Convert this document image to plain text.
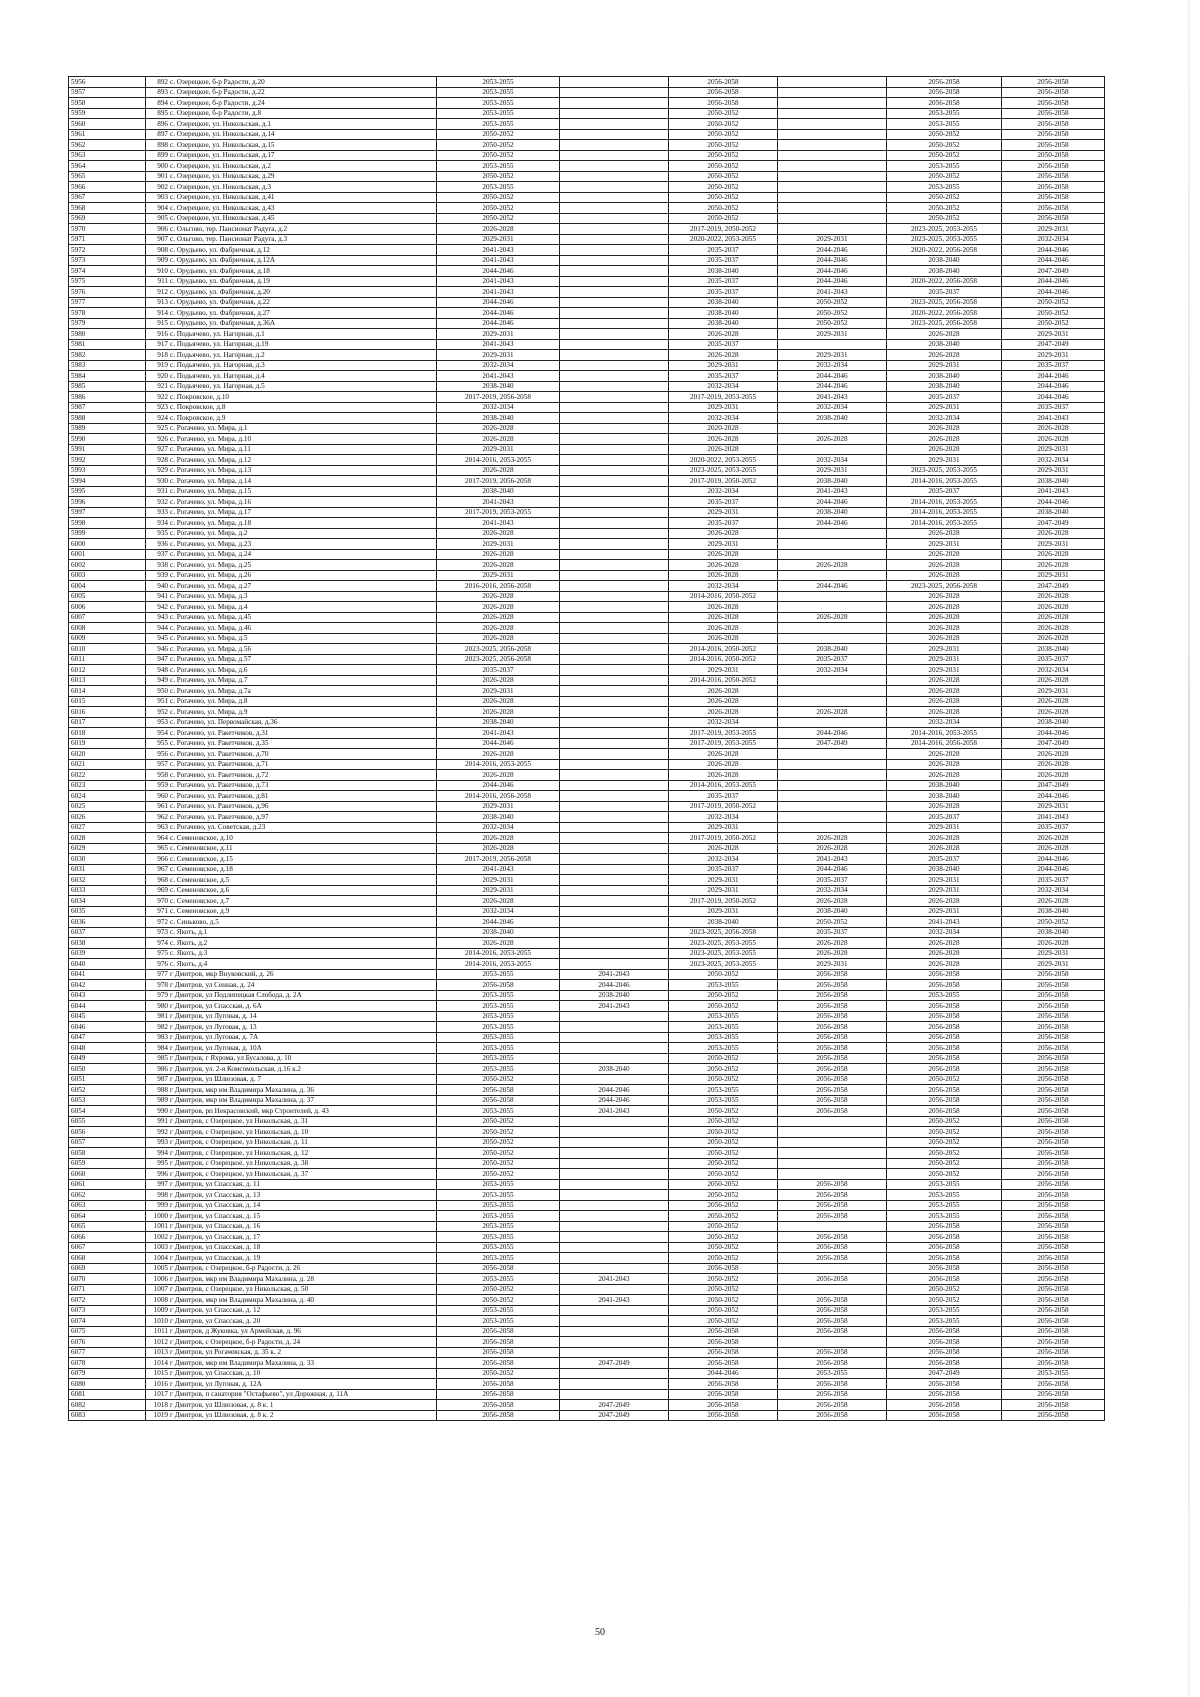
5956	892	с. Озерецкое, б-р Радости, д.20	2053-2055		2056-2058		2056-2058	2056-2058
5957	893	с. Озерецкое, б-р Радости, д.22	2053-2055		2056-2058		2056-2058	2056-2058
5958	894	с. Озерецкое, б-р Радости, д.24	2053-2055		2056-2058		2056-2058	2056-2058
5959	895	с. Озерецкое, б-р Радости, д.8	2053-2055		2050-2052		2053-2055	2056-2058
5960	896	с. Озерецкое, ул. Никольская, д.1	2053-2055		2050-2052		2053-2055	2056-2058
5961	897	с. Озерецкое, ул. Никольская, д.14	2050-2052		2050-2052		2050-2052	2056-2058
5962	898	с. Озерецкое, ул. Никольская, д.15	2050-2052		2050-2052		2050-2052	2056-2058
5963	899	с. Озерецкое, ул. Никольская, д.17	2050-2052		2050-2052		2050-2052	2050-2058
5964	900	с. Озерецкое, ул. Никольская, д.2	2053-2055		2050-2052		2053-2055	2056-2058
5965	901	с. Озерецкое, ул. Никольская, д.29	2050-2052		2050-2052		2050-2052	2056-2058
5966	902	с. Озерецкое, ул. Никольская, д.3	2053-2055		2050-2052		2053-2055	2056-2058
5967	903	с. Озерецкое, ул. Никольская, д.41	2050-2052		2050-2052		2050-2052	2056-2058
5968	904	с. Озерецкое, ул. Никольская, д.43	2050-2052		2050-2052		2050-2052	2056-2058
5969	905	с. Озерецкое, ул. Никольская, д.45	2050-2052		2050-2052		2050-2052	2056-2058
5970	906	с. Ольгово, тер. Пансионат Радуга, д.2	2026-2028		2017-2019, 2050-2052		2023-2025, 2053-2055	2029-2031
5971	907	с. Ольгово, тер. Пансионат Радуга, д.3	2029-2031		2020-2022, 2053-2055	2029-2031	2023-2025, 2053-2055	2032-2034
5972	908	с. Орудьево, ул. Фабричная, д.12	2041-2043		2035-2037	2044-2046	2020-2022, 2056-2058	2044-2046
5973	909	с. Орудьево, ул. Фабричная, д.12А	2041-2043		2035-2037	2044-2046	2038-2040	2044-2046
5974	910	с. Орудьево, ул. Фабричная, д.18	2044-2046		2038-2040	2044-2046	2038-2040	2047-2049
5975	911	с. Орудьево, ул. Фабричная, д.19	2041-2043		2035-2037	2044-2046	2020-2022, 2056-2058	2044-2046
5976	912	с. Орудьево, ул. Фабричная, д.20	2041-2043		2035-2037	2041-2043	2035-2037	2044-2046
5977	913	с. Орудьево, ул. Фабричная, д.22	2044-2046		2038-2040	2050-2052	2023-2025, 2056-2058	2050-2052
5978	914	с. Орудьево, ул. Фабричная, д.27	2044-2046		2038-2040	2050-2052	2020-2022, 2056-2058	2050-2052
5979	915	с. Орудьево, ул. Фабричная, д.36А	2044-2046		2038-2040	2050-2052	2023-2025, 2056-2058	2050-2052
5980	916	с. Подьячево, ул. Нагорная, д.1	2029-2031		2026-2028	2029-2031	2026-2028	2029-2031
5981	917	с. Подьячево, ул. Нагорная, д.19	2041-2043		2035-2037		2038-2040	2047-2049
5982	918	с. Подьячево, ул. Нагорная, д.2	2029-2031		2026-2028	2029-2031	2026-2028	2029-2031
5983	919	с. Подьячево, ул. Нагорная, д.3	2032-2034		2029-2031	2032-2034	2029-2031	2035-2037
5984	920	с. Подьячево, ул. Нагорная, д.4	2041-2043		2035-2037	2044-2046	2038-2040	2044-2046
5985	921	с. Подьячево, ул. Нагорная, д.5	2038-2040		2032-2034	2044-2046	2038-2040	2044-2046
5986	922	с. Покровское, д.10	2017-2019, 2056-2058		2017-2019, 2053-2055	2041-2043	2035-2037	2044-2046
5987	923	с. Покровское, д.8	2032-2034		2029-2031	2032-2034	2029-2031	2035-2037
5988	924	с. Покровское, д.9	2038-2040		2032-2034	2038-2040	2032-2034	2041-2043
5989	925	с. Рогачево, ул. Мира, д.1	2026-2028		2020-2028		2026-2028	2026-2028
5990	926	с. Рогачево, ул. Мира, д.10	2026-2028		2026-2028	2026-2028	2026-2028	2026-2028
5991	927	с. Рогачево, ул. Мира, д.11	2029-2031		2026-2028		2026-2028	2029-2031
5992	928	с. Рогачево, ул. Мира, д.12	2014-2016, 2053-2055		2020-2022, 2053-2055	2032-2034	2029-2031	2032-2034
5993	929	с. Рогачево, ул. Мира, д.13	2026-2028		2023-2025, 2053-2055	2029-2031	2023-2025, 2053-2055	2029-2031
5994	930	с. Рогачево, ул. Мира, д.14	2017-2019, 2056-2058		2017-2019, 2050-2052	2038-2040	2014-2016, 2053-2055	2038-2040
5995	931	с. Рогачево, ул. Мира, д.15	2038-2040		2032-2034	2041-2043	2035-2037	2041-2043
5996	932	с. Рогачево, ул. Мира, д.16	2041-2043		2035-2037	2044-2046	2014-2016, 2053-2055	2044-2046
5997	933	с. Рогачево, ул. Мира, д.17	2017-2019, 2053-2055		2029-2031	2038-2040	2014-2016, 2053-2055	2038-2040
5998	934	с. Рогачево, ул. Мира, д.18	2041-2043		2035-2037	2044-2046	2014-2016, 2053-2055	2047-2049
5999	935	с. Рогачево, ул. Мира, д.2	2026-2028		2026-2028		2026-2028	2026-2028
6000	936	с. Рогачево, ул. Мира, д.23	2029-2031		2029-2031		2029-2031	2029-2031
6001	937	с. Рогачево, ул. Мира, д.24	2026-2028		2026-2028		2026-2028	2026-2028
6002	938	с. Рогачево, ул. Мира, д.25	2026-2028		2026-2028	2026-2028	2026-2028	2026-2028
6003	939	с. Рогачево, ул. Мира, д.26	2029-2031		2026-2028		2026-2028	2029-2031
6004	940	с. Рогачево, ул. Мира, д.27	2016-2016, 2056-2058		2032-2034	2044-2046	2023-2025, 2056-2058	2047-2049
6005	941	с. Рогачево, ул. Мира, д.3	2026-2028		2014-2016, 2050-2052		2026-2028	2026-2028
6006	942	с. Рогачево, ул. Мира, д.4	2026-2028		2026-2028		2026-2028	2026-2028
6007	943	с. Рогачево, ул. Мира, д.45	2026-2028		2026-2028	2026-2028	2026-2028	2026-2028
6008	944	с. Рогачево, ул. Мира, д.46	2026-2028		2026-2028		2026-2028	2026-2028
6009	945	с. Рогачево, ул. Мира, д.5	2026-2028		2026-2028		2026-2028	2026-2028
6010	946	с. Рогачево, ул. Мира, д.56	2023-2025, 2056-2058		2014-2016, 2050-2052	2038-2040	2029-2031	2038-2040
6011	947	с. Рогачево, ул. Мира, д.57	2023-2025, 2056-2058		2014-2016, 2050-2052	2035-2037	2029-2031	2035-2037
6012	948	с. Рогачево, ул. Мира, д.6	2035-2037		2029-2031	2032-2034	2029-2031	2032-2034
6013	949	с. Рогачево, ул. Мира, д.7	2026-2028		2014-2016, 2050-2052		2026-2028	2026-2028
6014	950	с. Рогачево, ул. Мира, д.7а	2029-2031		2026-2028		2026-2028	2029-2031
6015	951	с. Рогачево, ул. Мира, д.8	2026-2028		2026-2028		2026-2028	2026-2028
6016	952	с. Рогачево, ул. Мира, д.9	2026-2028		2026-2028	2026-2028	2026-2028	2026-2028
6017	953	с. Рогачево, ул. Первомайская, д.36	2038-2040		2032-2034		2032-2034	2038-2040
6018	954	с. Рогачево, ул. Ракетчиков, д.31	2041-2043		2017-2019, 2053-2055	2044-2046	2014-2016, 2053-2055	2044-2046
6019	955	с. Рогачево, ул. Ракетчиков, д.35	2044-2046		2017-2019, 2053-2055	2047-2049	2014-2016, 2056-2058	2047-2049
6020	956	с. Рогачево, ул. Ракетчиков, д.70	2026-2028		2026-2028		2026-2028	2026-2028
6021	957	с. Рогачево, ул. Ракетчиков, д.71	2014-2016, 2053-2055		2026-2028		2026-2028	2026-2028
6022	958	с. Рогачево, ул. Ракетчиков, д.72	2026-2028		2026-2028		2026-2028	2026-2028
6023	959	с. Рогачево, ул. Ракетчиков, д.73	2044-2046		2014-2016, 2053-2055		2038-2040	2047-2049
6024	960	с. Рогачево, ул. Ракетчиков, д.81	2014-2016, 2056-2058		2035-2037		2038-2040	2044-2046
6025	961	с. Рогачево, ул. Ракетчиков, д.96	2029-2031		2017-2019, 2050-2052		2026-2028	2029-2031
6026	962	с. Рогачево, ул. Ракетчиков, д.97	2038-2040		2032-2034		2035-2037	2041-2043
6027	963	с. Рогачево, ул. Советская, д.23	2032-2034		2029-2031		2029-2031	2035-2037
6028	964	с. Семеновское, д.10	2026-2028		2017-2019, 2050-2052	2026-2028	2026-2028	2026-2028
6029	965	с. Семеновское, д.11	2026-2028		2026-2028	2026-2028	2026-2028	2026-2028
6030	966	с. Семеновское, д.15	2017-2019, 2056-2058		2032-2034	2041-2043	2035-2037	2044-2046
6031	967	с. Семеновское, д.18	2041-2043		2035-2037	2044-2046	2038-2040	2044-2046
6032	968	с. Семеновское, д.5	2029-2031		2029-2031	2035-2037	2029-2031	2035-2037
6033	969	с. Семеновское, д.6	2029-2031		2029-2031	2032-2034	2029-2031	2032-2034
6034	970	с. Семеновское, д.7	2026-2028		2017-2019, 2050-2052	2026-2028	2026-2028	2026-2028
6035	971	с. Семеновское, д.9	2032-2034		2029-2031	2038-2040	2029-2031	2038-2040
6036	972	с. Синьково, д.5	2044-2046		2038-2040	2050-2052	2041-2043	2050-2052
6037	973	с. Якоть, д.1	2038-2040		2023-2025, 2056-2058	2035-2037	2032-2034	2038-2040
6038	974	с. Якоть, д.2	2026-2028		2023-2025, 2053-2055	2026-2028	2026-2028	2026-2028
6039	975	с. Якоть, д.3	2014-2016, 2053-2055		2023-2025, 2053-2055	2026-2028	2026-2028	2029-2031
6040	976	с. Якоть, д.4	2014-2016, 2053-2055		2023-2025, 2053-2055	2029-2031	2026-2028	2029-2031
6041	977	г Дмитров, мкр Внуковский, д. 26	2053-2055	2041-2043	2050-2052	2056-2058	2056-2058	2056-2058
6042	978	г Дмитров, ул Сенная, д. 24	2056-2058	2044-2046	2053-2055	2056-2058	2056-2058	2056-2058
6043	979	г Дмитров, ул Подлипецкая Слобода, д. 2А	2053-2055	2038-2040	2050-2052	2056-2058	2053-2055	2056-2058
6044	980	г Дмитров, ул Спасская, д. 6А	2053-2055	2041-2043	2050-2052	2056-2058	2056-2058	2056-2058
6045	981	г Дмитров, ул Луговая, д. 14	2053-2055		2053-2055	2056-2058	2056-2058	2056-2058
6046	982	г Дмитров, ул Луговая, д. 13	2053-2055		2053-2055	2056-2058	2056-2058	2056-2058
6047	983	г Дмитров, ул Луговая, д. 7А	2053-2055		2053-2055	2056-2058	2056-2058	2056-2058
6048	984	г Дмитров, ул Луговая, д. 10А	2053-2055		2053-2055	2056-2058	2056-2058	2056-2058
6049	985	г Дмитров, г Яхрома, ул Бусалова, д. 10	2053-2055		2050-2052	2056-2058	2056-2058	2056-2058
6050	986	г Дмитров, ул. 2-я Комсомольская, д.16 к.2	2053-2055	2038-2040	2050-2052	2056-2058	2056-2058	2056-2058
6051	987	г Дмитров, ул Шлюзовая, д. 7	2050-2052		2050-2052	2056-2058	2050-2052	2056-2058
6052	988	г Дмитров, мкр им Владимира Махалина, д. 36	2056-2058	2044-2046	2053-2055	2056-2058	2056-2058	2056-2058
6053	989	г Дмитров, мкр им Владимира Махалина, д. 37	2056-2058	2044-2046	2053-2055	2056-2058	2056-2058	2056-2058
6054	990	г Дмитров, рп Некрасовский, мкр Строителей, д. 43	2053-2055	2041-2043	2050-2052	2056-2058	2056-2058	2056-2058
6055	991	г Дмитров, с Озерецкое, ул Никольская, д. 31	2050-2052		2050-2052		2050-2052	2056-2058
6056	992	г Дмитров, с Озерецкое, ул Никольская, д. 10	2050-2052		2050-2052		2050-2052	2056-2058
6057	993	г Дмитров, с Озерецкое, ул Никольская, д. 11	2050-2052		2050-2052		2050-2052	2056-2058
6058	994	г Дмитров, с Озерецкое, ул Никольская, д. 12	2050-2052		2050-2052		2050-2052	2056-2058
6059	995	г Дмитров, с Озерецкое, ул Никольская, д. 38	2050-2052		2050-2052		2050-2052	2056-2058
6060	996	г Дмитров, с Озерецкое, ул Никольская, д. 37	2050-2052		2050-2052		2050-2052	2056-2058
6061	997	г Дмитров, ул Спасская, д. 11	2053-2055		2050-2052	2056-2058	2053-2055	2056-2058
6062	998	г Дмитров, ул Спасская, д. 13	2053-2055		2050-2052	2056-2058	2053-2055	2056-2058
6063	999	г Дмитров, ул Спасская, д. 14	2053-2055		2056-2052	2056-2058	2053-2055	2056-2058
6064	1000	г Дмитров, ул Спасская, д. 15	2053-2055		2050-2052	2056-2058	2053-2055	2056-2058
6065	1001	г Дмитров, ул Спасская, д. 16	2053-2055		2050-2052		2056-2058	2056-2058
6066	1002	г Дмитров, ул Спасская, д. 17	2053-2055		2050-2052	2056-2058	2056-2058	2056-2058
6067	1003	г Дмитров, ул Спасская, д. 18	2053-2055		2050-2052	2056-2058	2056-2058	2056-2058
6068	1004	г Дмитров, ул Спасская, д. 19	2053-2055		2050-2052	2056-2058	2056-2058	2056-2058
6069	1005	г Дмитров, с Озерецкое, б-р Радости, д. 26	2056-2058		2056-2058		2056-2058	2056-2058
6070	1006	г Дмитров, мкр им Владимира Махалина, д. 28	2053-2055	2041-2043	2050-2052	2056-2058	2056-2058	2056-2058
6071	1007	г Дмитров, с Озерецкое, ул Никольская, д. 50	2050-2052		2050-2052		2050-2052	2056-2058
6072	1008	г Дмитров, мкр им Владимира Махалина, д. 40	2050-2052	2041-2043	2050-2052	2056-2058	2050-2052	2056-2058
6073	1009	г Дмитров, ул Спасская, д. 12	2053-2055		2050-2052	2056-2058	2053-2055	2056-2058
6074	1010	г Дмитров, ул Спасская, д. 20	2053-2055		2050-2052	2056-2058	2053-2055	2056-2058
6075	1011	г Дмитров, д Жуковка, ул Армейская, д. 96	2056-2058		2056-2058	2056-2058	2056-2058	2056-2058
6076	1012	г Дмитров, с Озерецкое, б-р Радости, д. 24	2056-2058		2056-2058		2056-2058	2056-2058
6077	1013	г Дмитров, ул Рогачевская, д. 35 к. 2	2056-2058		2056-2058	2056-2058	2056-2058	2056-2058
6078	1014	г Дмитров, мкр им Владимира Махалина, д. 33	2056-2058	2047-2049	2056-2058	2056-2058	2056-2058	2056-2058
6079	1015	г Дмитров, ул Спасская, д. 10	2050-2052		2044-2046	2053-2055	2047-2049	2053-2055
6080	1016	г Дмитров, ул Луговая, д. 12А	2056-2058		2056-2058	2056-2058	2056-2058	2056-2058
6081	1017	г Дмитров, п санатория "Остафьево", ул Дорожная, д. 11А	2056-2058		2056-2058	2056-2058	2056-2058	2056-2058
6082	1018	г Дмитров, ул Шлюзовая, д. 8 к. 1	2056-2058	2047-2049	2056-2058	2056-2058	2056-2058	2056-2058
6083	1019	г Дмитров, ул Шлюзовая, д. 8 к. 2	2056-2058	2047-2049	2056-2058	2056-2058	2056-2058	2056-2058
50
